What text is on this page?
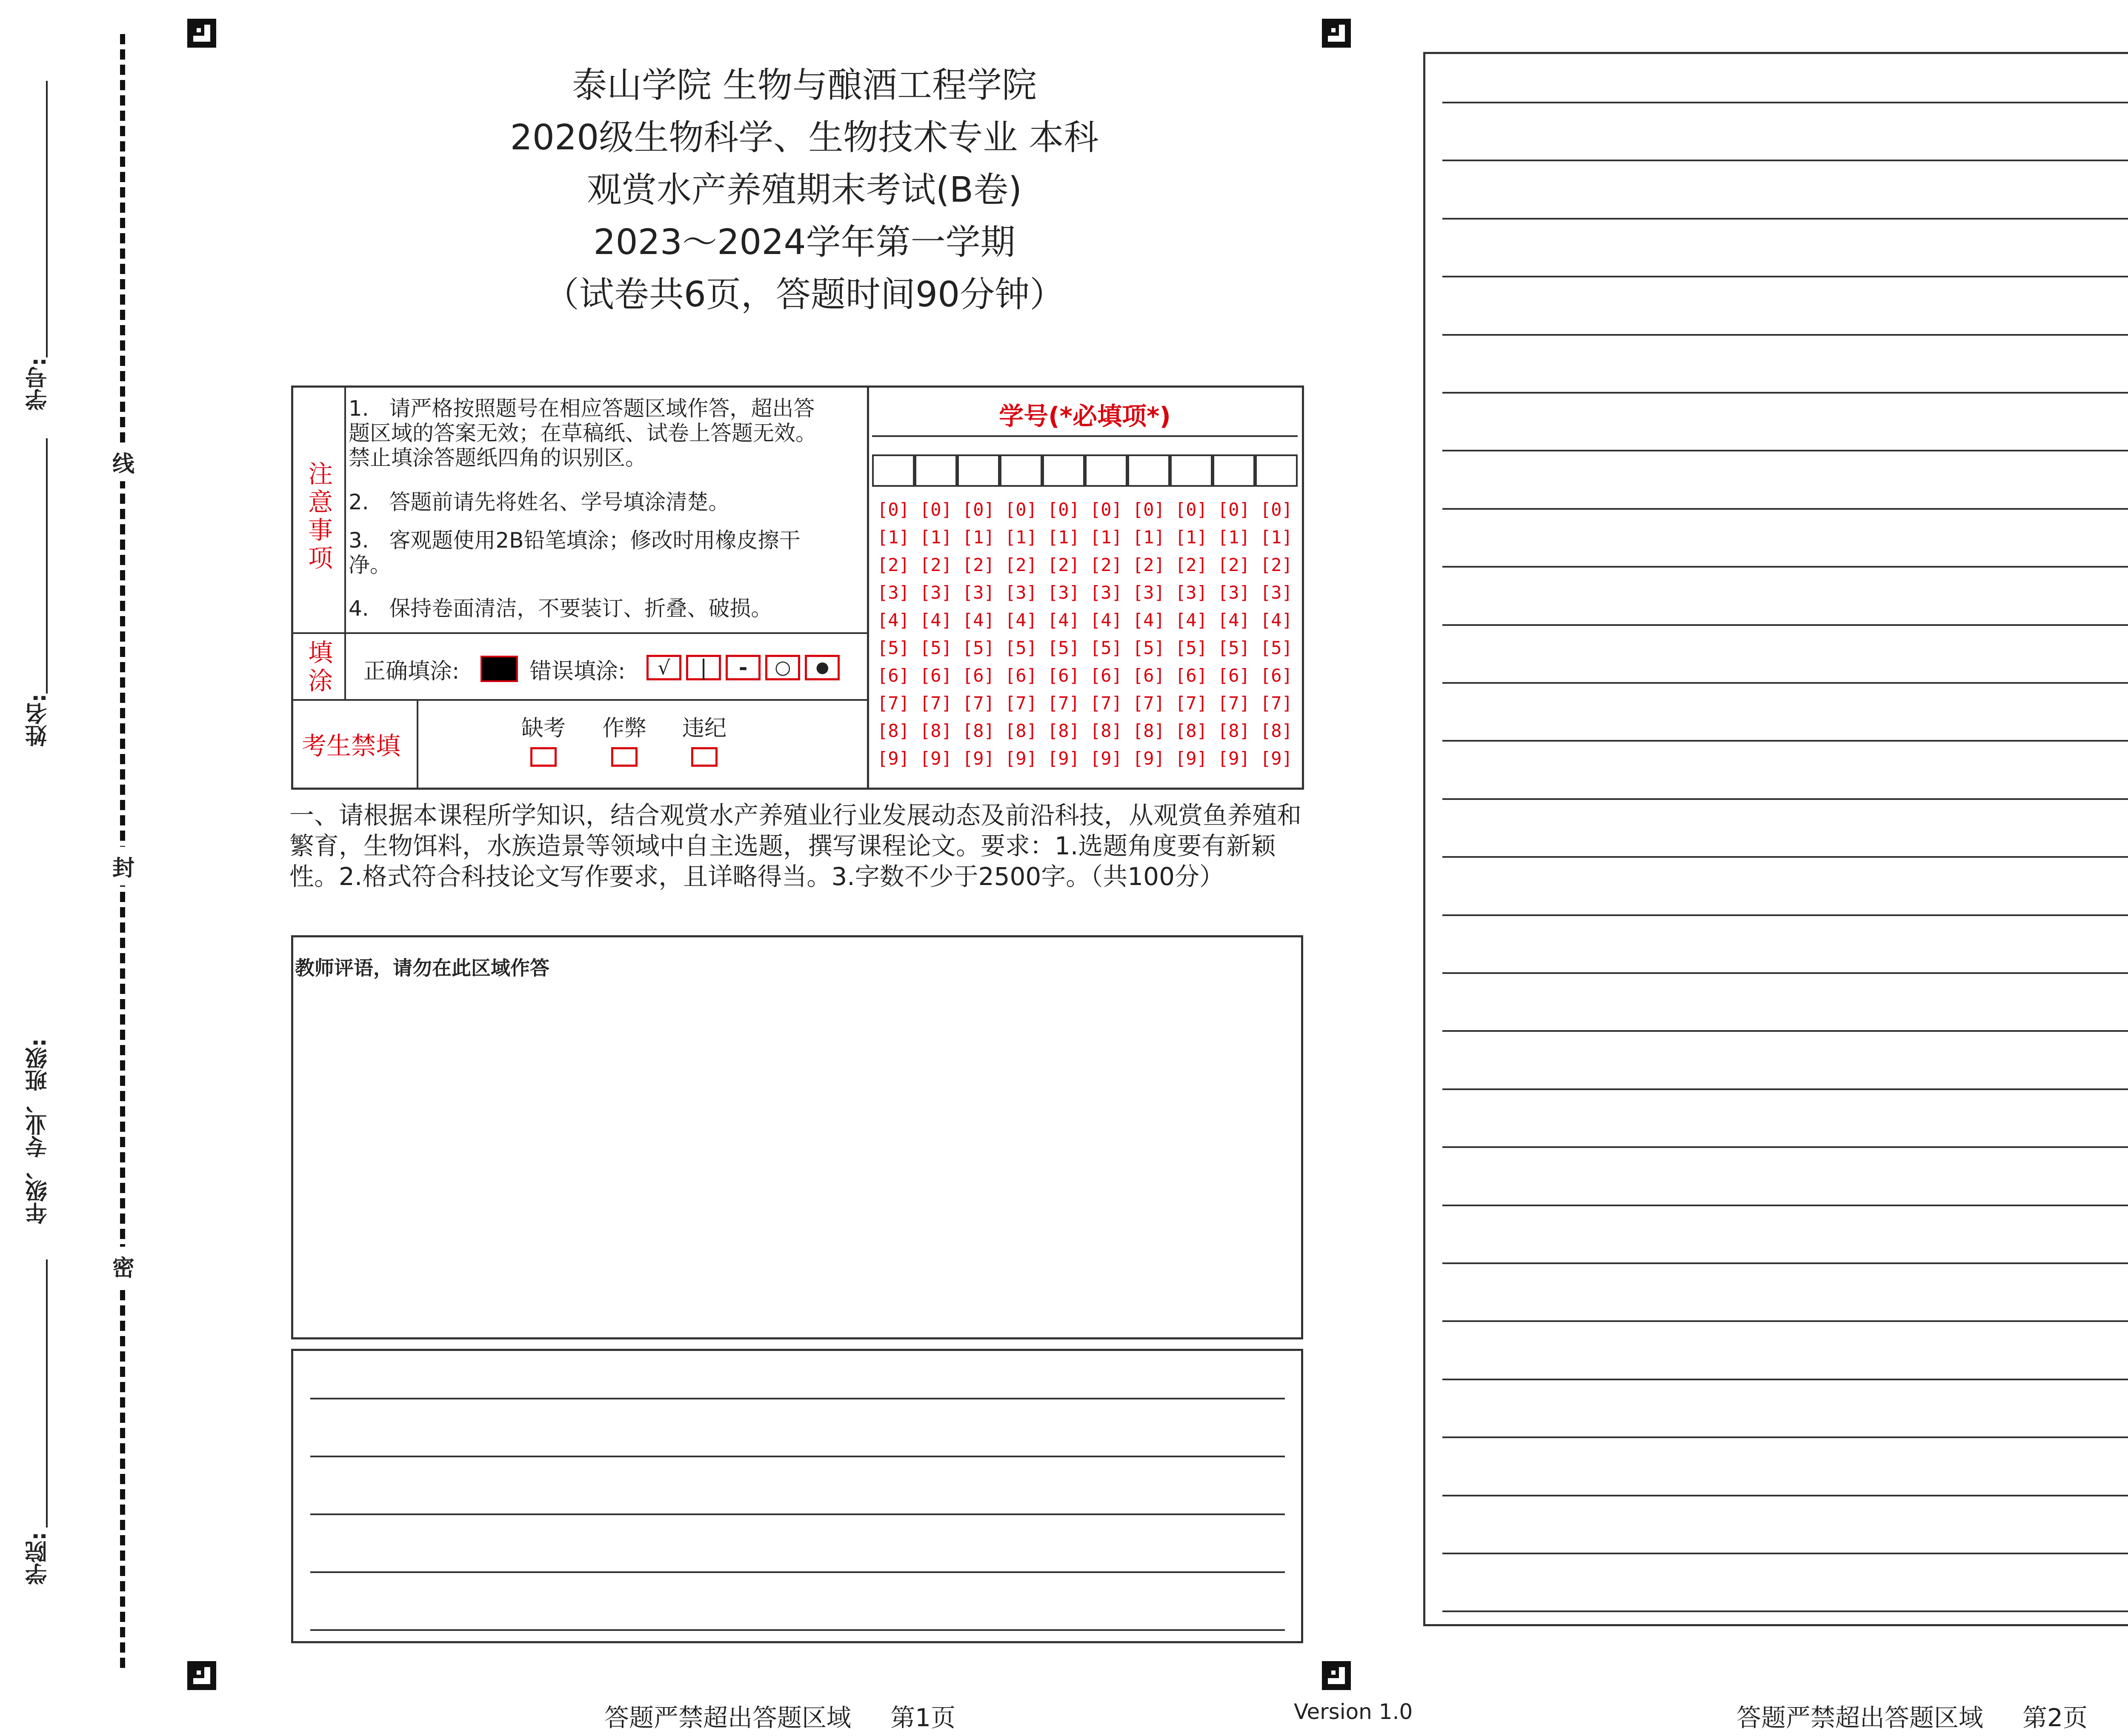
线
封
密
学号:
姓名:
年级、专业、班级:
学院:
泰山学院 生物与酿酒工程学院
2020级生物科学、生物技术专业 本科
观赏水产养殖期末考试(B卷)
2023～2024学年第一学期
（试卷共6页，答题时间90分钟）
注意事项
1.   请严格按照题号在相应答题区域作答，超出答题区域的答案无效；在草稿纸、试卷上答题无效。禁止填涂答题纸四角的识别区。
2.   答题前请先将姓名、学号填涂清楚。
3.   客观题使用2B铅笔填涂；修改时用橡皮擦干净。
4.   保持卷面清洁，不要装订、折叠、破损。
填涂 正确填涂:	错误填涂:	√ | - ○ ●
考生禁填
缺考 作弊 违纪
学号(*必填项*)
[0] [0] [0] [0] [0] [0] [0] [0] [0] [0]
[1] [1] [1] [1] [1] [1] [1] [1] [1] [1]
[2] [2] [2] [2] [2] [2] [2] [2] [2] [2]
[3] [3] [3] [3] [3] [3] [3] [3] [3] [3]
[4] [4] [4] [4] [4] [4] [4] [4] [4] [4]
[5] [5] [5] [5] [5] [5] [5] [5] [5] [5]
[6] [6] [6] [6] [6] [6] [6] [6] [6] [6]
[7] [7] [7] [7] [7] [7] [7] [7] [7] [7]
[8] [8] [8] [8] [8] [8] [8] [8] [8] [8]
[9] [9] [9] [9] [9] [9] [9] [9] [9] [9]
一、请根据本课程所学知识，结合观赏水产养殖业行业发展动态及前沿科技，从观赏鱼养殖和繁育，生物饵料，水族造景等领域中自主选题，撰写课程论文。要求：1.选题角度要有新颖性。2.格式符合科技论文写作要求，且详略得当。3.字数不少于2500字。（共100分）
教师评语，请勿在此区域作答
答题严禁超出答题区域     第1页	Version 1.0	答题严禁超出答题区域     第2页
